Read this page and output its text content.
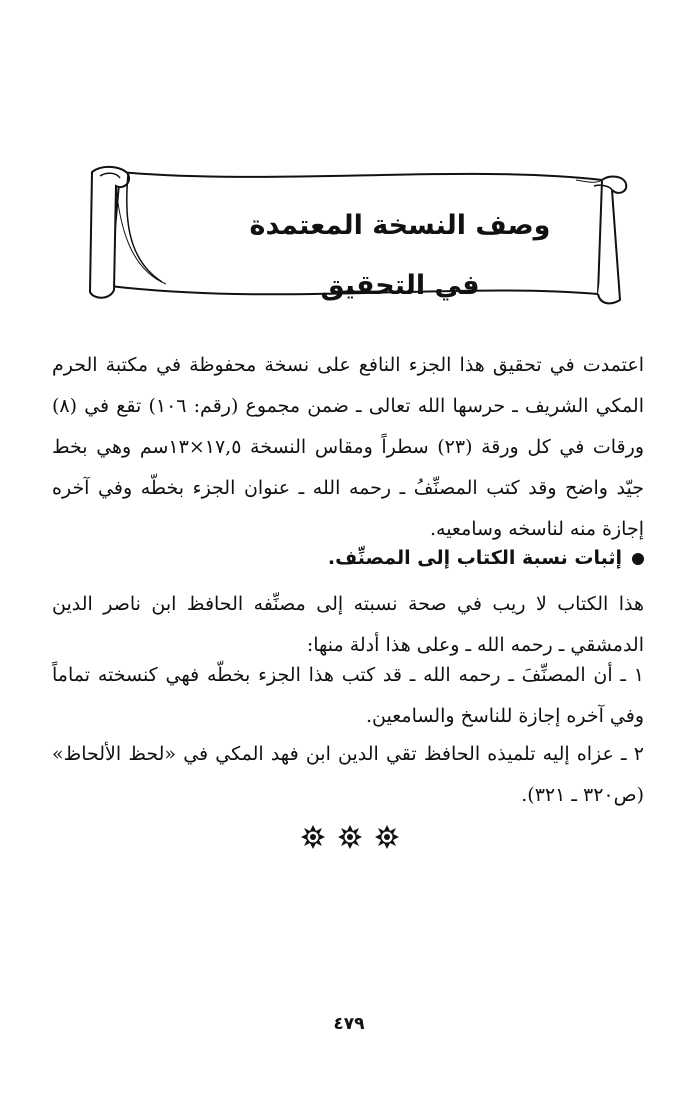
وصف النسخة المعتمدة في التحقيق

اعتمدت في تحقيق هذا الجزء النافع على نسخة محفوظة في مكتبة الحرم المكي الشريف ـ حرسها الله تعالى ـ ضمن مجموع (رقم: ١٠٦) تقع في (٨) ورقات في كل ورقة (٢٣) سطراً ومقاس النسخة ١٧,٥×١٣سم وهي بخط جيّد واضح وقد كتب المصنِّفُ ـ رحمه الله ـ عنوان الجزء بخطّه وفي آخره إجازة منه لناسخه وسامعيه.

إثبات نسبة الكتاب إلى المصنِّف.

هذا الكتاب لا ريب في صحة نسبته إلى مصنِّفه الحافظ ابن ناصر الدين الدمشقي ـ رحمه الله ـ وعلى هذا أدلة منها:

١ ـ أن المصنِّفَ ـ رحمه الله ـ قد كتب هذا الجزء بخطّه فهي كنسخته تماماً وفي آخره إجازة للناسخ والسامعين.

٢ ـ عزاه إليه تلميذه الحافظ تقي الدين ابن فهد المكي في «لحظ الألحاظ» (ص٣٢٠ ـ ٣٢١).

٤٧٩
